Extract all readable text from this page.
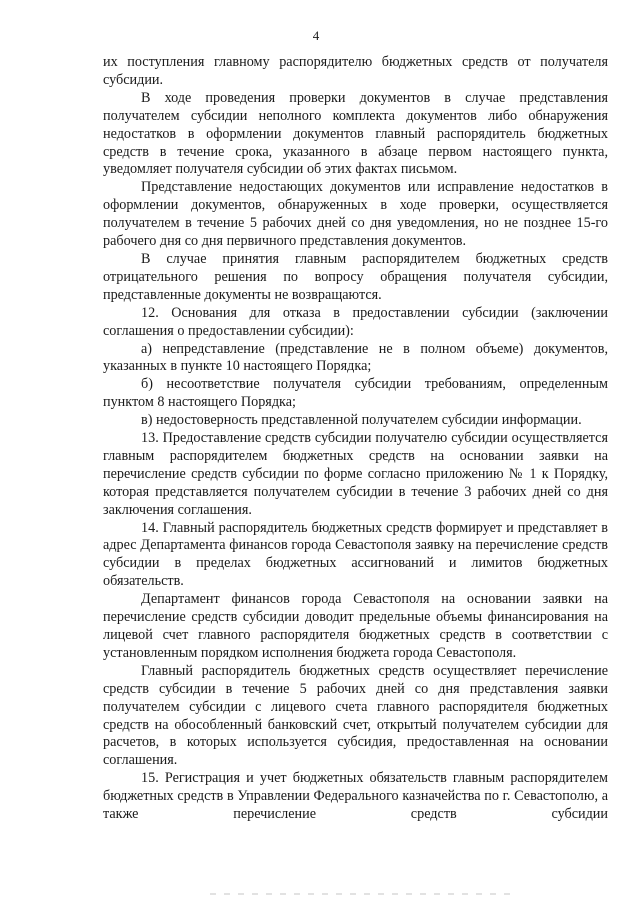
4

их поступления главному распорядителю бюджетных средств от получателя субсидии.

В ходе проведения проверки документов в случае представления получателем субсидии неполного комплекта документов либо обнаружения недостатков в оформлении документов главный распорядитель бюджетных средств в течение срока, указанного в абзаце первом настоящего пункта, уведомляет получателя субсидии об этих фактах письмом.

Представление недостающих документов или исправление недостатков в оформлении документов, обнаруженных в ходе проверки, осуществляется получателем в течение 5 рабочих дней со дня уведомления, но не позднее 15-го рабочего дня со дня первичного представления документов.

В случае принятия главным распорядителем бюджетных средств отрицательного решения по вопросу обращения получателя субсидии, представленные документы не возвращаются.

12. Основания для отказа в предоставлении субсидии (заключении соглашения о предоставлении субсидии):

а) непредставление (представление не в полном объеме) документов, указанных в пункте 10 настоящего Порядка;

б) несоответствие получателя субсидии требованиям, определенным пунктом 8 настоящего Порядка;

в) недостоверность представленной получателем субсидии информации.

13. Предоставление средств субсидии получателю субсидии осуществляется главным распорядителем бюджетных средств на основании заявки на перечисление средств субсидии по форме согласно приложению № 1 к Порядку, которая представляется получателем субсидии в течение 3 рабочих дней со дня заключения соглашения.

14. Главный распорядитель бюджетных средств формирует и представляет в адрес Департамента финансов города Севастополя заявку на перечисление средств субсидии в пределах бюджетных ассигнований и лимитов бюджетных обязательств.

Департамент финансов города Севастополя на основании заявки на перечисление средств субсидии доводит предельные объемы финансирования на лицевой счет главного распорядителя бюджетных средств в соответствии с установленным порядком исполнения бюджета города Севастополя.

Главный распорядитель бюджетных средств осуществляет перечисление средств субсидии в течение 5 рабочих дней со дня представления заявки получателем субсидии с лицевого счета главного распорядителя бюджетных средств на обособленный банковский счет, открытый получателем субсидии для расчетов, в которых используется субсидия, предоставленная на основании соглашения.

15. Регистрация и учет бюджетных обязательств главным распорядителем бюджетных средств в Управлении Федерального казначейства по г. Севастополю, а также перечисление средств субсидии
